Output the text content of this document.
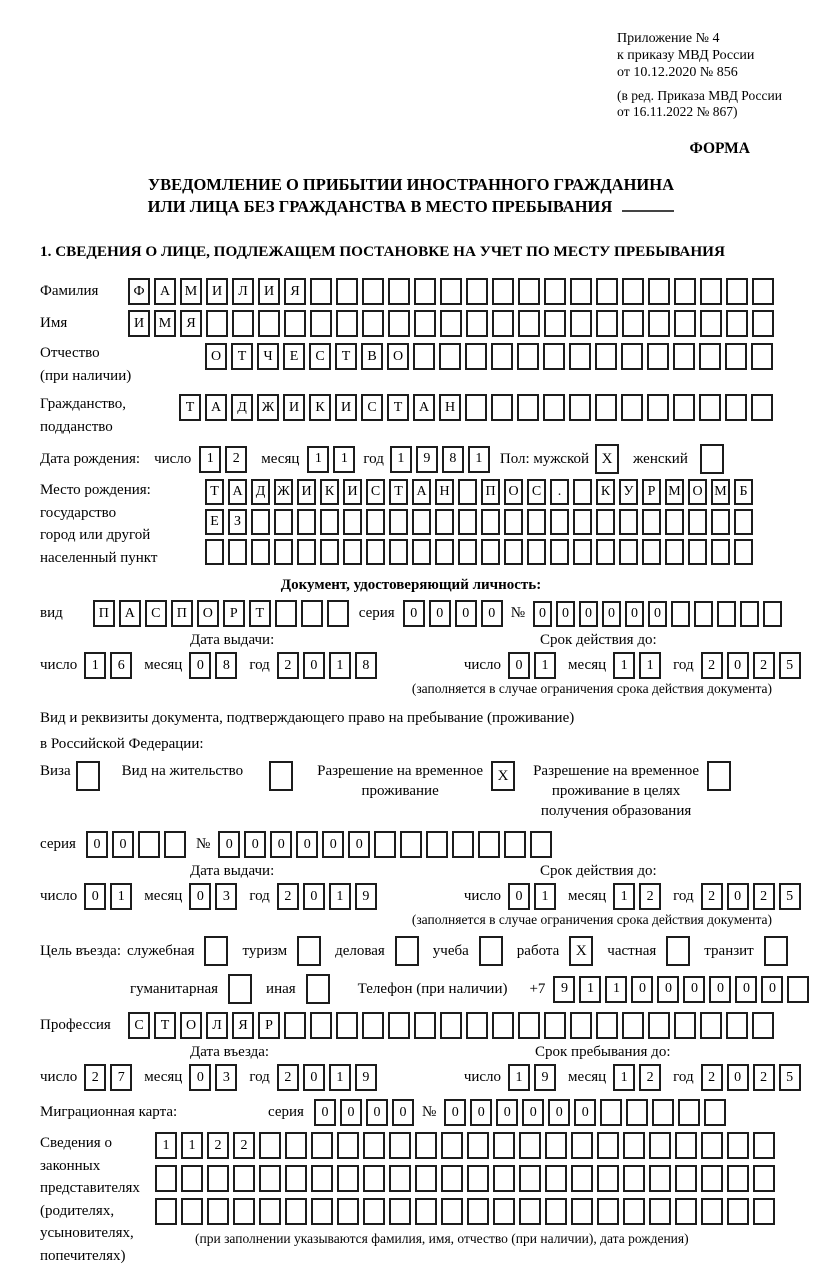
Приложение № 4
к приказу МВД России
от 10.12.2020 № 856
(в ред. Приказа МВД России
от 16.11.2022 № 867)
ФОРМА
УВЕДОМЛЕНИЕ О ПРИБЫТИИ ИНОСТРАННОГО ГРАЖДАНИНА
ИЛИ ЛИЦА БЕЗ ГРАЖДАНСТВА В МЕСТО ПРЕБЫВАНИЯ
1. СВЕДЕНИЯ О ЛИЦЕ, ПОДЛЕЖАЩЕМ ПОСТАНОВКЕ НА УЧЕТ ПО МЕСТУ ПРЕБЫВАНИЯ
Фамилия	Ф	А	М	И	Л	И	Я
Имя	И	М	Я
Отчество
(при наличии)
О	Т	Ч	Е	С	Т	В	О
Гражданство,
подданство
Т	А	Д	Ж	И	К	И	С	Т	А	Н
Дата рождения: число	1	2	месяц	1	1	год 1	9	8	1	Пол: мужской X	женский
Место рождения:
государство
город или другой
населенный пункт
Т А Д Ж И К И С	Т А Н	П О С	.	К У	Р М О М Б
Е	З
Документ, удостоверяющий личность:
вид	П	А	С	П	О	Р	Т	серия	0	0	0	0	№	0	0	0	0	0	0
Дата выдачи:	Срок действия до:
число	1	6	месяц	0	8	год	2	0	1	8	число	0	1	месяц	1	1	год	2	0	2	5
(заполняется в случае ограничения срока действия документа)
Вид и реквизиты документа, подтверждающего право на пребывание (проживание)
в Российской Федерации:
Виза	Вид на жительство	Разрешение на временное
проживание
X	Разрешение на временное
проживание в целях
получения образования
серия	0	0	№	0	0	0	0	0	0
Дата выдачи:	Срок действия до:
число	0	1	месяц	0	3	год	2	0	1	9	число	0	1	месяц	1	2	год	2	0	2	5
(заполняется в случае ограничения срока действия документа)
Цель въезда: служебная	туризм	деловая	учеба	работа	X	частная	транзит
гуманитарная	иная	Телефон (при наличии) +7	9	1	1	0	0	0	0	0	0
Профессия	С	Т	О	Л	Я	Р
Дата въезда:	Срок пребывания до:
число	2	7	месяц	0	3	год	2	0	1	9	число	1	9	месяц	1	2	год	2	0	2	5
Миграционная карта:	серия	0	0	0	0	№	0	0	0	0	0	0
Сведения о
законных
представителях
(родителях,
усыновителях,
попечителях)
1	1	2	2
(при заполнении указываются фамилия, имя, отчество (при наличии), дата рождения)
